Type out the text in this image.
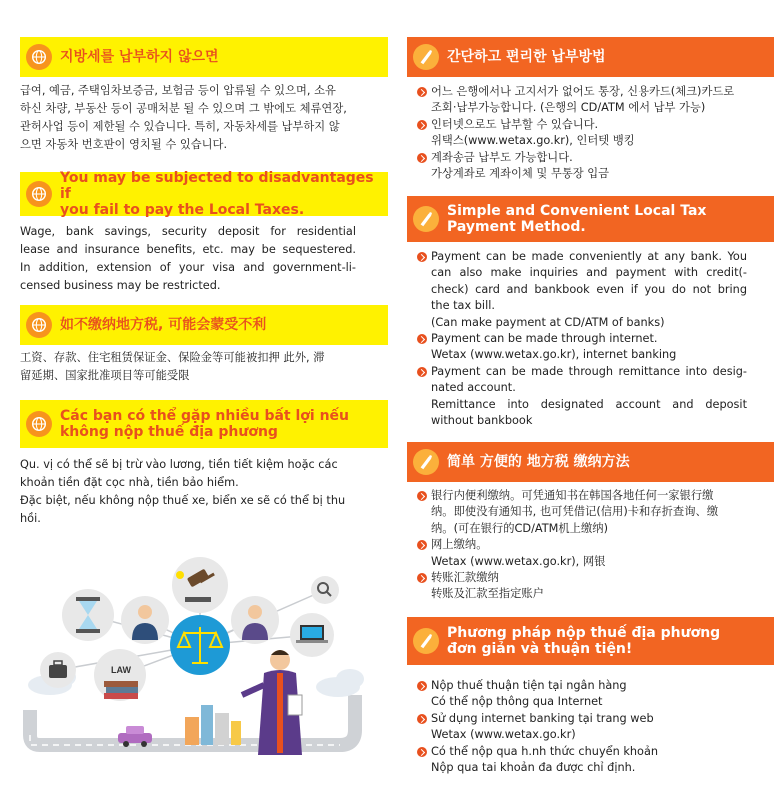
지방세를 납부하지 않으면
급여, 예금, 주택임차보증금, 보험금 등이 압류될 수 있으며, 소유
하신 차량, 부동산 등이 공매처분 될 수 있으며 그 밖에도 체류연장,
관허사업 등이 제한될 수 있습니다. 특히, 자동차세를 납부하지 않
으면 자동차 번호판이 영치될 수 있습니다.
You may be subjected to disadvantages if
you fail to pay the Local Taxes.
Wage, bank savings, security deposit for residential
lease and insurance benefits, etc. may be sequestered.
In addition, extension of your visa and government-li-
censed business may be restricted.
如不缴纳地方税, 可能会蒙受不利
工资、存款、住宅租赁保证金、保险金等可能被扣押 此外, 滞
留延期、国家批准项目等可能受限
Các bạn có thể gặp nhiều bất lợi nếu
không nộp thuế địa phương
Qu. vị có thể sẽ bị trừ vào lương, tiền tiết kiệm hoặc các
khoản tiền đặt cọc nhà, tiền bảo hiểm.
Đặc biệt, nếu không nộp thuế xe, biển xe sẽ có thể bị thu
hồi.
LAW
간단하고 편리한 납부방법
어느 은행에서나 고지서가 없어도 통장, 신용카드(체크)카드로
조회·납부가능합니다. (은행의 CD/ATM 에서 납부 가능)
인터넷으로도 납부할 수 있습니다.
위택스(www.wetax.go.kr), 인터텟 뱅킹
계좌송금 납부도 가능합니다.
가상계좌로 계좌이체 및 무통장 입금
Simple and Convenient Local Tax
Payment Method.
Payment can be made conveniently at any bank. You
can also make inquiries and payment with credit(-
check) card and bankbook even if you do not bring
the tax bill.
(Can make payment at CD/ATM of banks)
Payment can be made through internet.
Wetax (www.wetax.go.kr), internet banking
Payment can be made through remittance into desig-
nated account.
Remittance into designated account and deposit
without bankbook
简单 方便的 地方税 缴纳方法
银行内便利缴纳。可凭通知书在韩国各地任何一家银行缴
纳。即使没有通知书, 也可凭借记(信用)卡和存折查询、缴
纳。(可在银行的CD/ATM机上缴纳)
网上缴纳。
Wetax (www.wetax.go.kr), 网银
转账汇款缴纳
转账及汇款至指定账户
Phương pháp nộp thuế địa phương
đơn giản và thuận tiện!
Nộp thuế thuận tiện tại ngân hàng
Có thể nộp thông qua Internet
Sử dụng internet banking tại trang web
Wetax (www.wetax.go.kr)
Có thể nộp qua h.nh thức chuyển khoản
Nộp qua tai khoản đa được chỉ định.
